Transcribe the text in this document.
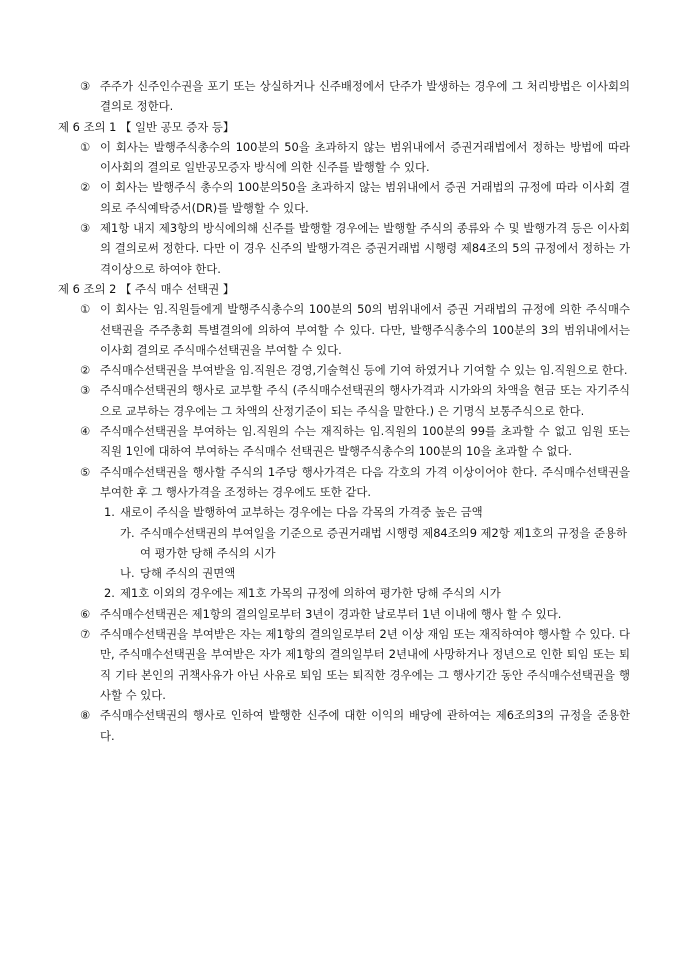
③ 주주가 신주인수권을 포기 또는 상실하거나 신주배정에서 단주가 발생하는 경우에 그 처리방법은 이사회의 결의로 정한다.

제 6 조의 1 【 일반 공모 증자 등】

① 이 회사는 발행주식총수의 100분의 50을 초과하지 않는 범위내에서 증권거래법에서 정하는 방법에 따라 이사회의 결의로 일반공모증자 방식에 의한 신주를 발행할 수 있다.

② 이 회사는 발행주식 총수의 100분의50을 초과하지 않는 범위내에서 증권 거래법의 규정에 따라 이사회 결의로 주식예탁증서(DR)를 발행할 수 있다.

③ 제1항 내지 제3항의 방식에의해 신주를 발행할 경우에는 발행할 주식의 종류와 수 및 발행가격 등은 이사회의 결의로써 정한다. 다만 이 경우 신주의 발행가격은 증권거래법 시행령 제84조의 5의 규정에서 정하는 가격이상으로 하여야 한다.

제 6 조의 2 【 주식 매수 선택권 】

① 이 회사는 임.직원들에게 발행주식총수의 100분의 50의 범위내에서 증권 거래법의 규정에 의한 주식매수선택권을 주주총회 특별결의에 의하여 부여할 수 있다. 다만, 발행주식총수의 100분의 3의 범위내에서는 이사회 결의로 주식매수선택권을 부여할 수 있다.

② 주식매수선택권을 부여받을 임.직원은 경영,기술혁신 등에 기여 하였거나 기여할 수 있는 임.직원으로 한다.

③ 주식매수선택권의 행사로 교부할 주식 (주식매수선택권의 행사가격과 시가와의 차액을 현금 또는 자기주식으로 교부하는 경우에는 그 차액의 산정기준이 되는 주식을 말한다.) 은 기명식 보통주식으로 한다.

④ 주식매수선택권을 부여하는 임.직원의 수는 재직하는 임.직원의 100분의 99를 초과할 수 없고 임원 또는 직원 1인에 대하여 부여하는 주식매수 선택권은 발행주식총수의 100분의 10을 초과할 수 없다.

⑤ 주식매수선택권을 행사할 주식의 1주당 행사가격은 다음 각호의 가격 이상이어야 한다. 주식매수선택권을 부여한 후 그 행사가격을 조정하는 경우에도 또한 같다.

1. 새로이 주식을 발행하여 교부하는 경우에는 다음 각목의 가격중 높은 금액

가. 주식매수선택권의 부여일을 기준으로 증권거래법 시행령 제84조의9 제2항 제1호의 규정을 준용하여 평가한 당해 주식의 시가

나. 당해 주식의 권면액

2. 제1호 이외의 경우에는 제1호 가목의 규정에 의하여 평가한 당해 주식의 시가

⑥ 주식매수선택권은 제1항의 결의일로부터 3년이 경과한 날로부터 1년 이내에 행사 할 수 있다.

⑦ 주식매수선택권을 부여받은 자는 제1항의 결의일로부터 2년 이상 재임 또는 재직하여야 행사할 수 있다. 다만, 주식매수선택권을 부여받은 자가 제1항의 결의일부터 2년내에 사망하거나 정년으로 인한 퇴임 또는 퇴직 기타 본인의 귀책사유가 아닌 사유로 퇴임 또는 퇴직한 경우에는 그 행사기간 동안 주식매수선택권을 행사할 수 있다.

⑧ 주식매수선택권의 행사로 인하여 발행한 신주에 대한 이익의 배당에 관하여는 제6조의3의 규정을 준용한다.
